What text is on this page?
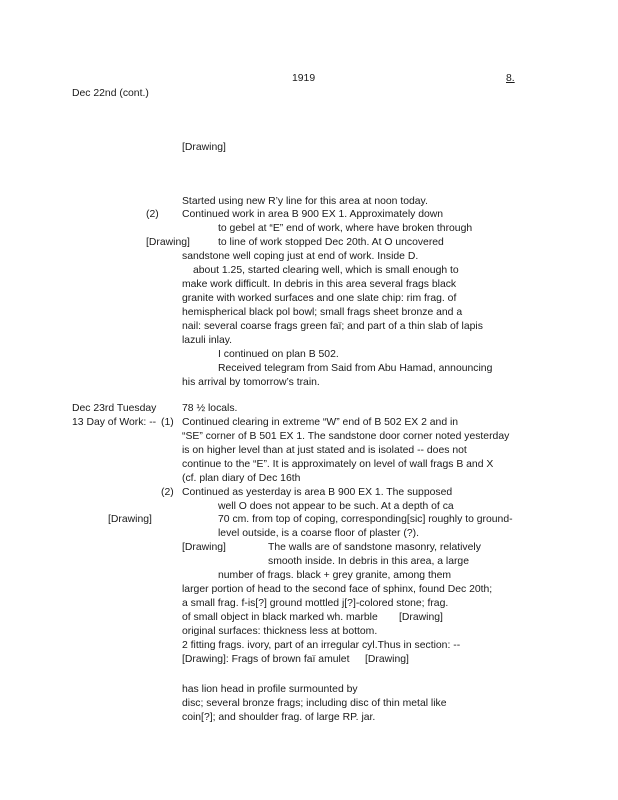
1919	8.
Dec 22nd (cont.)
[Drawing]
Started using new R’y line for this area at noon today.
(2) Continued work in area B 900 EX 1. Approximately down
to gebel at “E” end of work, where have broken through
[Drawing]	to line of work stopped Dec 20th. At O uncovered
sandstone well coping just at end of work. Inside D.
about 1.25, started clearing well, which is small enough to
make work difficult. In debris in this area several frags black
granite with worked surfaces and one slate chip: rim frag. of
hemispherical black pol bowl; small frags sheet bronze and a
nail: several coarse frags green faï; and part of a thin slab of lapis
lazuli inlay.
I continued on plan B 502.
Received telegram from Said from Abu Hamad, announcing
his arrival by tomorrow’s train.
Dec 23rd Tuesday 78 ½ locals.
13 Day of Work: -- (1) Continued clearing in extreme “W” end of B 502 EX 2 and in
“SE” corner of B 501 EX 1. The sandstone door corner noted yesterday
is on higher level than at just stated and is isolated -- does not
continue to the “E”. It is approximately on level of wall frags B and X
(cf. plan diary of Dec 16th
(2) Continued as yesterday is area B 900 EX 1. The supposed
well O does not appear to be such. At a depth of ca
[Drawing]	70 cm. from top of coping, corresponding[sic] roughly to ground-
level outside, is a coarse floor of plaster (?).
[Drawing]	The walls are of sandstone masonry, relatively
smooth inside. In debris in this area, a large
number of frags. black + grey granite, among them
larger portion of head to the second face of sphinx, found Dec 20th;
a small frag. f-is[?] ground mottled j[?]-colored stone; frag.
of small object in black marked wh. marble [Drawing]
original surfaces: thickness less at bottom.
2 fitting frags. ivory, part of an irregular cyl.Thus in section: --
[Drawing]: Frags of brown faï amulet [Drawing]
has lion head in profile surmounted by
disc; several bronze frags; including disc of thin metal like
coin[?]; and shoulder frag. of large RP. jar.
